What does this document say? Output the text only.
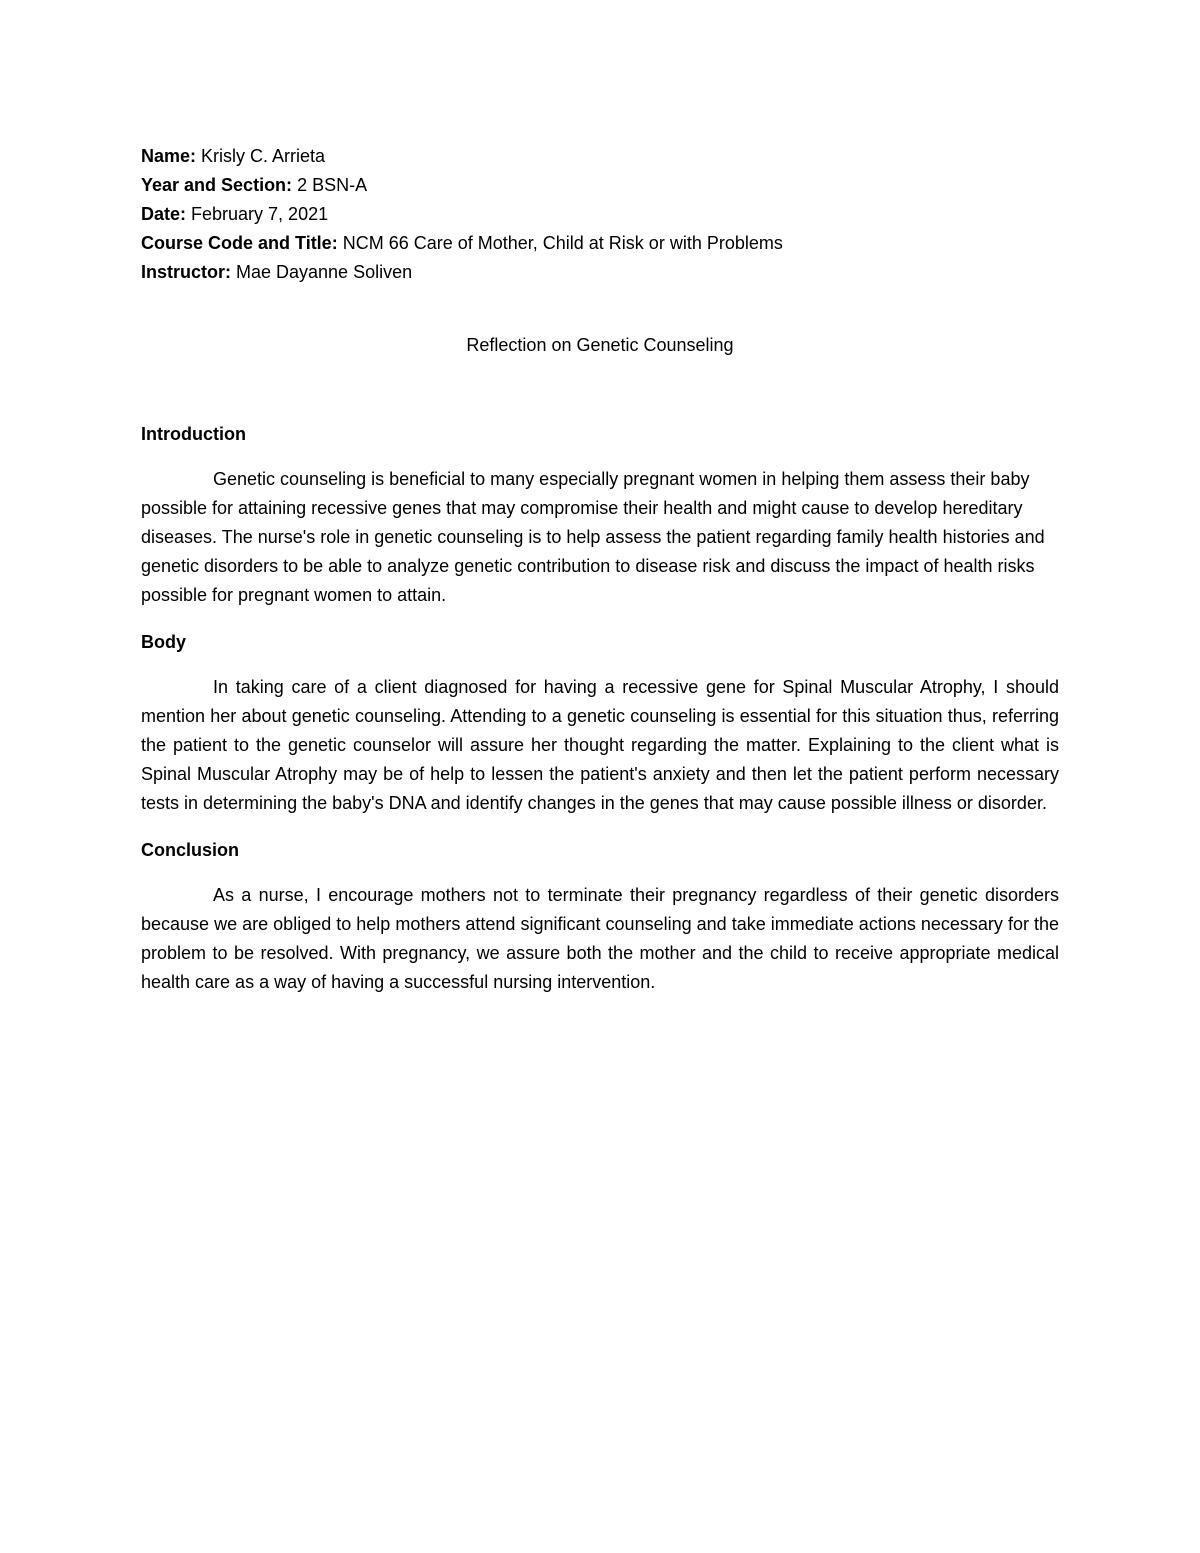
Name: Krisly C. Arrieta
Year and Section: 2 BSN-A
Date: February 7, 2021
Course Code and Title: NCM 66 Care of Mother, Child at Risk or with Problems
Instructor: Mae Dayanne Soliven
Reflection on Genetic Counseling
Introduction

Genetic counseling is beneficial to many especially pregnant women in helping them assess their baby possible for attaining recessive genes that may compromise their health and might cause to develop hereditary diseases. The nurse's role in genetic counseling is to help assess the patient regarding family health histories and genetic disorders to be able to analyze genetic contribution to disease risk and discuss the impact of health risks possible for pregnant women to attain.

Body

In taking care of a client diagnosed for having a recessive gene for Spinal Muscular Atrophy, I should mention her about genetic counseling. Attending to a genetic counseling is essential for this situation thus, referring the patient to the genetic counselor will assure her thought regarding the matter. Explaining to the client what is Spinal Muscular Atrophy may be of help to lessen the patient's anxiety and then let the patient perform necessary tests in determining the baby's DNA and identify changes in the genes that may cause possible illness or disorder.

Conclusion

As a nurse, I encourage mothers not to terminate their pregnancy regardless of their genetic disorders because we are obliged to help mothers attend significant counseling and take immediate actions necessary for the problem to be resolved. With pregnancy, we assure both the mother and the child to receive appropriate medical health care as a way of having a successful nursing intervention.
